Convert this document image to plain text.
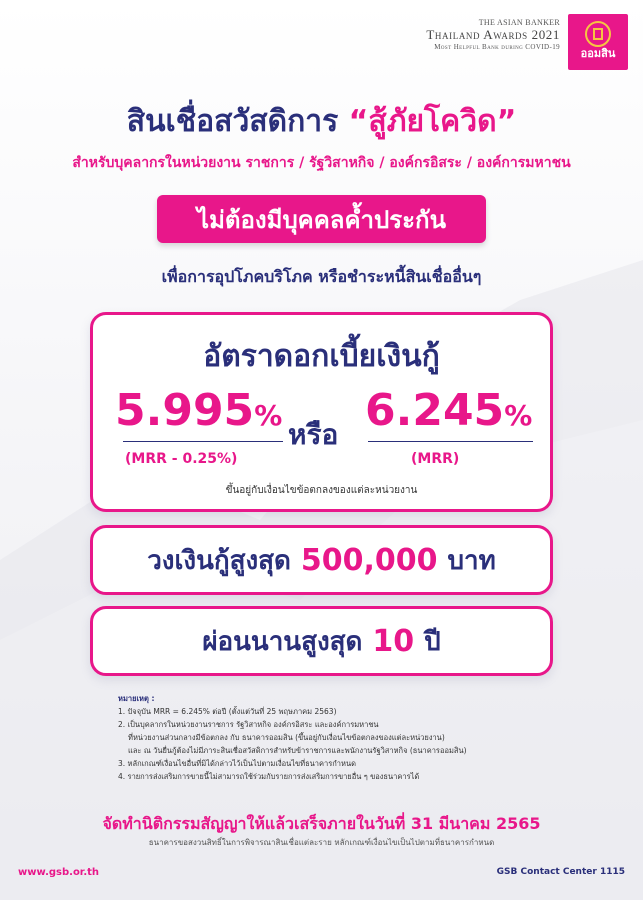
THE ASIAN BANKER
Thailand Awards 2021
Most Helpful Bank during COVID-19 ออมสิน

สินเชื่อสวัสดิการ “สู้ภัยโควิด”
สำหรับบุคลากรในหน่วยงาน ราชการ / รัฐวิสาหกิจ / องค์กรอิสระ / องค์การมหาชน
ไม่ต้องมีบุคคลค้ำประกัน
เพื่อการอุปโภคบริโภค หรือชำระหนี้สินเชื่ออื่นๆ
อัตราดอกเบี้ยเงินกู้
5.995%
หรือ 6.245%
(MRR - 0.25%)	(MRR)
ขึ้นอยู่กับเงื่อนไขข้อตกลงของแต่ละหน่วยงาน
วงเงินกู้สูงสุด 500,000 บาท
ผ่อนนานสูงสุด 10 ปี
หมายเหตุ :
1. ปัจจุบัน MRR = 6.245% ต่อปี (ตั้งแต่วันที่ 25 พฤษภาคม 2563)
2. เป็นบุคลากรในหน่วยงานราชการ รัฐวิสาหกิจ องค์กรอิสระ และองค์การมหาชน
ที่หน่วยงานส่วนกลางมีข้อตกลง กับ ธนาคารออมสิน (ขึ้นอยู่กับเงื่อนไขข้อตกลงของแต่ละหน่วยงาน)
และ ณ วันยื่นกู้ต้องไม่มีภาระสินเชื่อสวัสดิการสำหรับข้าราชการและพนักงานรัฐวิสาหกิจ (ธนาคารออมสิน)
3. หลักเกณฑ์เงื่อนไขอื่นที่มิได้กล่าวไว้เป็นไปตามเงื่อนไขที่ธนาคารกำหนด
4. รายการส่งเสริมการขายนี้ไม่สามารถใช้ร่วมกับรายการส่งเสริมการขายอื่น ๆ ของธนาคารได้
จัดทำนิติกรรมสัญญาให้แล้วเสร็จภายในวันที่ 31 มีนาคม 2565
ธนาคารขอสงวนสิทธิ์ในการพิจารณาสินเชื่อแต่ละราย หลักเกณฑ์เงื่อนไขเป็นไปตามที่ธนาคารกำหนด
www.gsb.or.th	GSB Contact Center 1115
